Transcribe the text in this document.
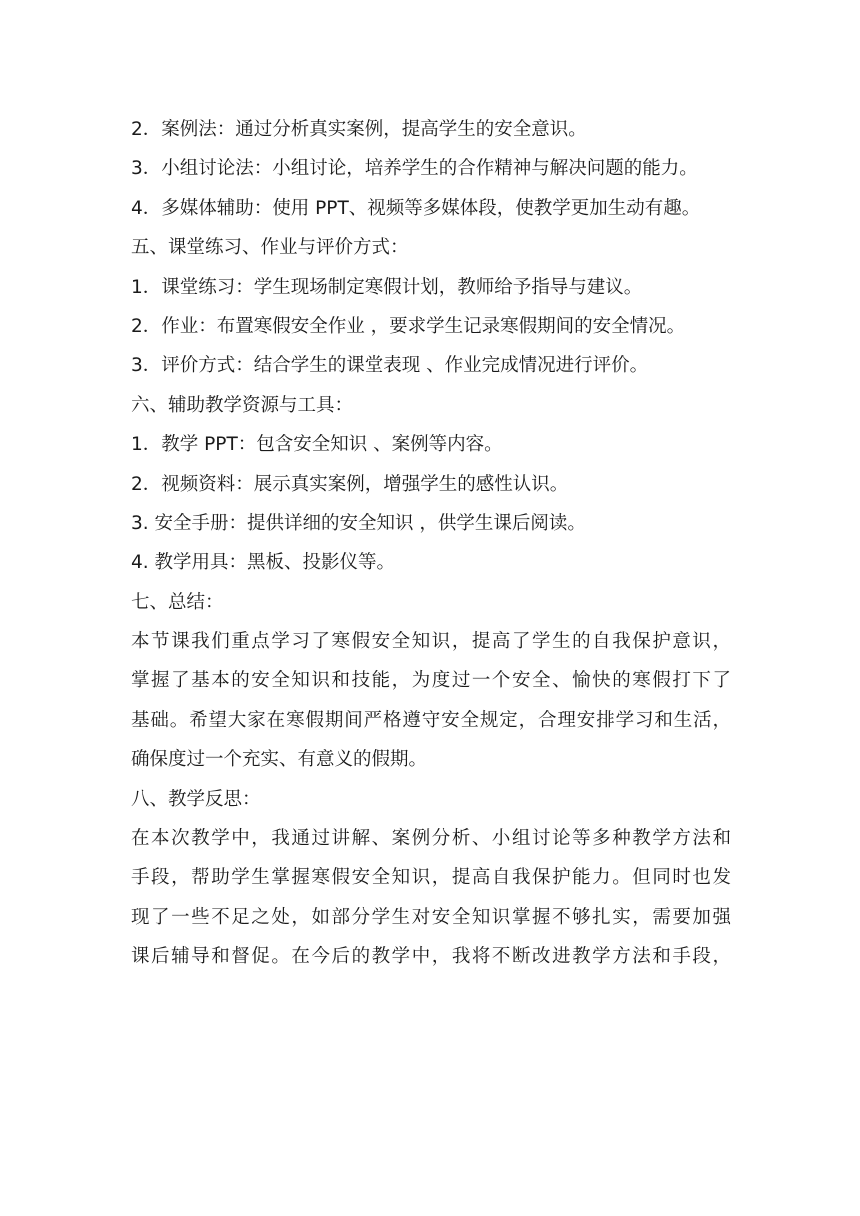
2．案例法：通过分析真实案例，提高学生的安全意识。

3．小组讨论法：小组讨论，培养学生的合作精神与解决问题的能力。

4．多媒体辅助：使用 PPT、视频等多媒体段，使教学更加生动有趣。

五、课堂练习、作业与评价方式：

1．课堂练习：学生现场制定寒假计划，教师给予指导与建议。

2．作业：布置寒假安全作业 ，要求学生记录寒假期间的安全情况。

3．评价方式：结合学生的课堂表现 、作业完成情况进行评价。

六、辅助教学资源与工具：

1．教学 PPT：包含安全知识 、案例等内容。

2．视频资料：展示真实案例，增强学生的感性认识。

3. 安全手册：提供详细的安全知识 ，供学生课后阅读。

4. 教学用具：黑板、投影仪等。

七、总结：

本节课我们重点学习了寒假安全知识，提高了学生的自我保护意识，

掌握了基本的安全知识和技能，为度过一个安全、愉快的寒假打下了

基础。希望大家在寒假期间严格遵守安全规定，合理安排学习和生活，

确保度过一个充实、有意义的假期。

八、教学反思：

在本次教学中，我通过讲解、案例分析、小组讨论等多种教学方法和

手段，帮助学生掌握寒假安全知识，提高自我保护能力。但同时也发

现了一些不足之处，如部分学生对安全知识掌握不够扎实，需要加强

课后辅导和督促。在今后的教学中，我将不断改进教学方法和手段，
